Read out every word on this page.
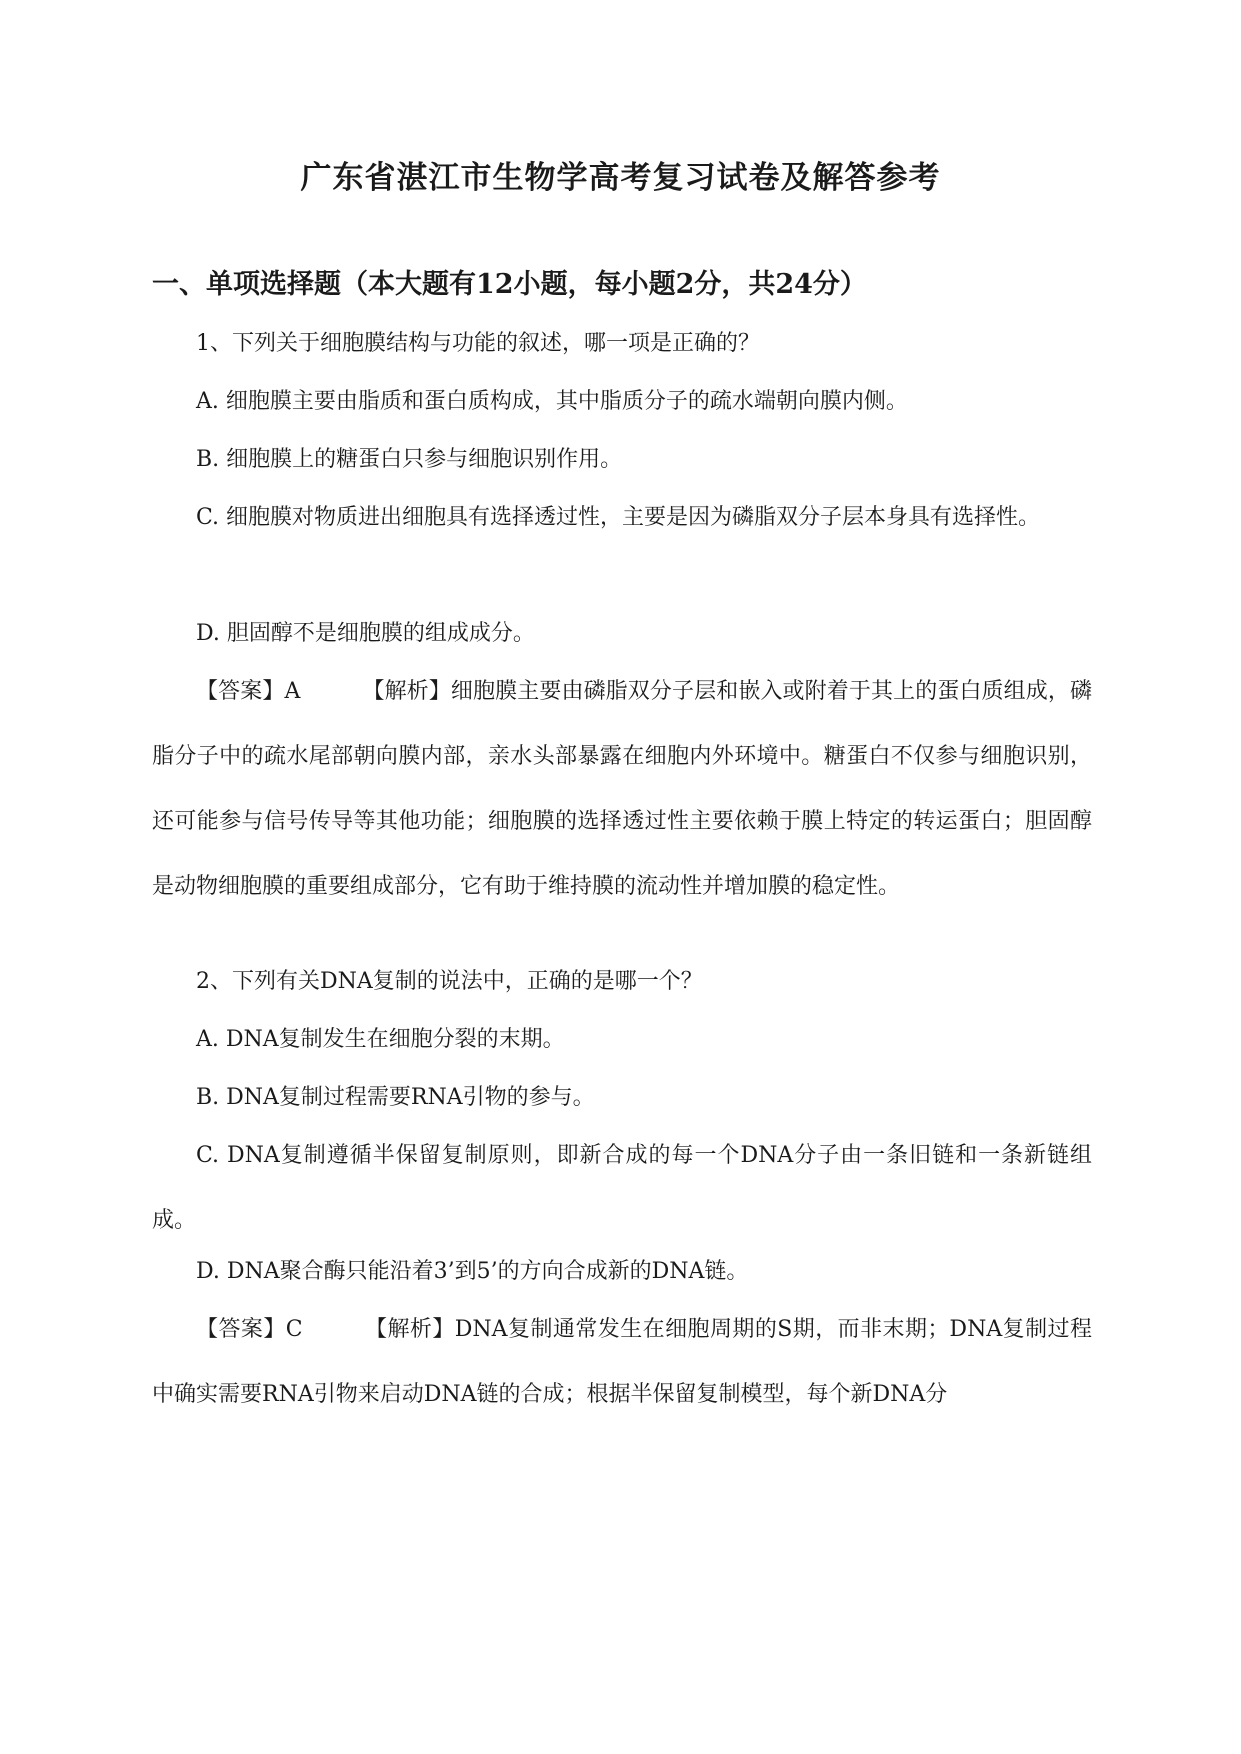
广东省湛江市生物学高考复习试卷及解答参考
一、单项选择题（本大题有12小题，每小题2分，共24分）

1、下列关于细胞膜结构与功能的叙述，哪一项是正确的？

A. 细胞膜主要由脂质和蛋白质构成，其中脂质分子的疏水端朝向膜内侧。

B. 细胞膜上的糖蛋白只参与细胞识别作用。

C. 细胞膜对物质进出细胞具有选择透过性，主要是因为磷脂双分子层本身具有选择性。

D. 胆固醇不是细胞膜的组成成分。

【答案】A	【解析】细胞膜主要由磷脂双分子层和嵌入或附着于其上的蛋白质组成，磷脂分子中的疏水尾部朝向膜内部，亲水头部暴露在细胞内外环境中。糖蛋白不仅参与细胞识别，还可能参与信号传导等其他功能；细胞膜的选择透过性主要依赖于膜上特定的转运蛋白；胆固醇是动物细胞膜的重要组成部分，它有助于维持膜的流动性并增加膜的稳定性。

2、下列有关DNA复制的说法中，正确的是哪一个？

A. DNA复制发生在细胞分裂的末期。

B. DNA复制过程需要RNA引物的参与。

C. DNA复制遵循半保留复制原则，即新合成的每一个DNA分子由一条旧链和一条新链组成。

D. DNA聚合酶只能沿着3’到5’的方向合成新的DNA链。

【答案】C	【解析】DNA复制通常发生在细胞周期的S期，而非末期；DNA复制过程中确实需要RNA引物来启动DNA链的合成；根据半保留复制模型，每个新DNA分
